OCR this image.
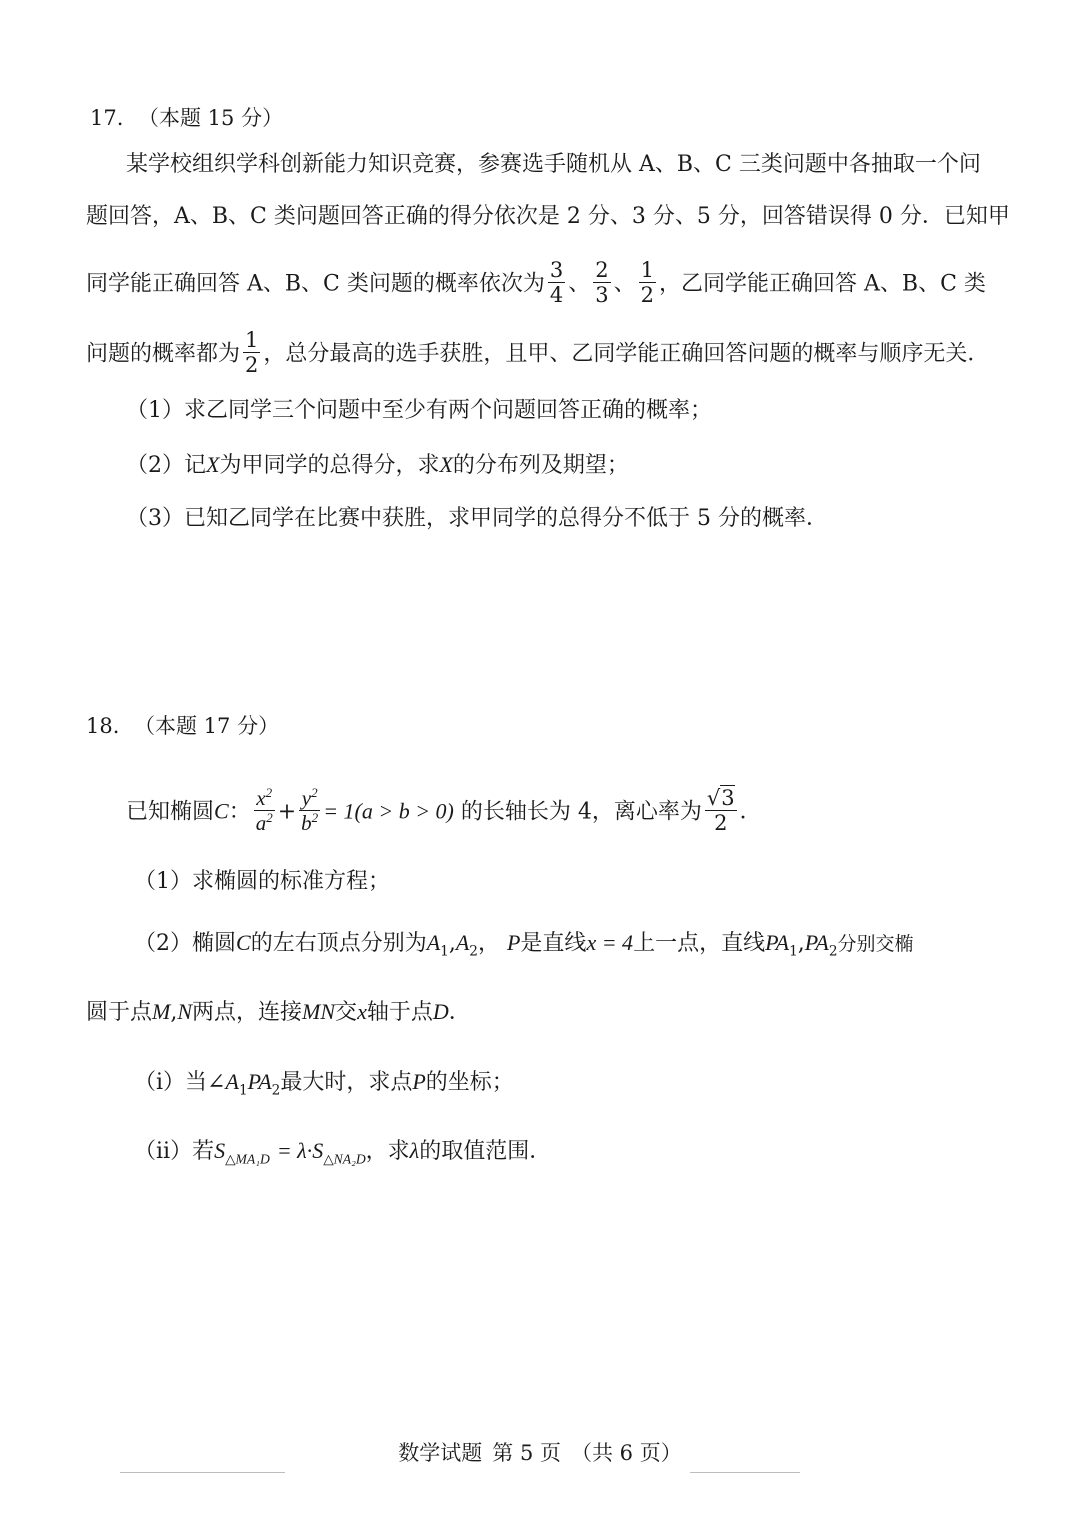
17. （本题 15 分）
某学校组织学科创新能力知识竞赛，参赛选手随机从 A、B、C 三类问题中各抽取一个问
题回答，A、B、C 类问题回答正确的得分依次是 2 分、3 分、5 分，回答错误得 0 分．已知甲
同学能正确回答 A、B、C 类问题的概率依次为 $\frac{3}{4}$ 、 $\frac{2}{3}$ 、 $\frac{1}{2}$ ，乙同学能正确回答 A、B、C 类
问题的概率都为 $\frac{1}{2}$ ，总分最高的选手获胜，且甲、乙同学能正确回答问题的概率与顺序无关．
（1）求乙同学三个问题中至少有两个问题回答正确的概率；
（2）记X为甲同学的总得分，求X的分布列及期望；
（3）已知乙同学在比赛中获胜，求甲同学的总得分不低于 5 分的概率．
18. （本题 17 分）
已知椭圆C： $\frac{x^2}{a^2} + \frac{y^2}{b^2} = 1(a > b > 0)$ 的长轴长为 4，离心率为 $\frac{√3}{2}$ ．
（1）求椭圆的标准方程；
（2）椭圆C的左右顶点分别为$A_1,A_2$， P是直线x = 4上一点，直线$PA_1,PA_2$分别交椭
圆于点M,N两点，连接MN交x轴于点D．
（ⅰ）当$\angle A_1PA_2$最大时，求点P的坐标；
（ⅱ）若$S_{\triangle MA_1D} = \lambda\cdot S_{\triangle NA_2D}$，求λ的取值范围．
数学试题 第 5 页 （共 6 页）
